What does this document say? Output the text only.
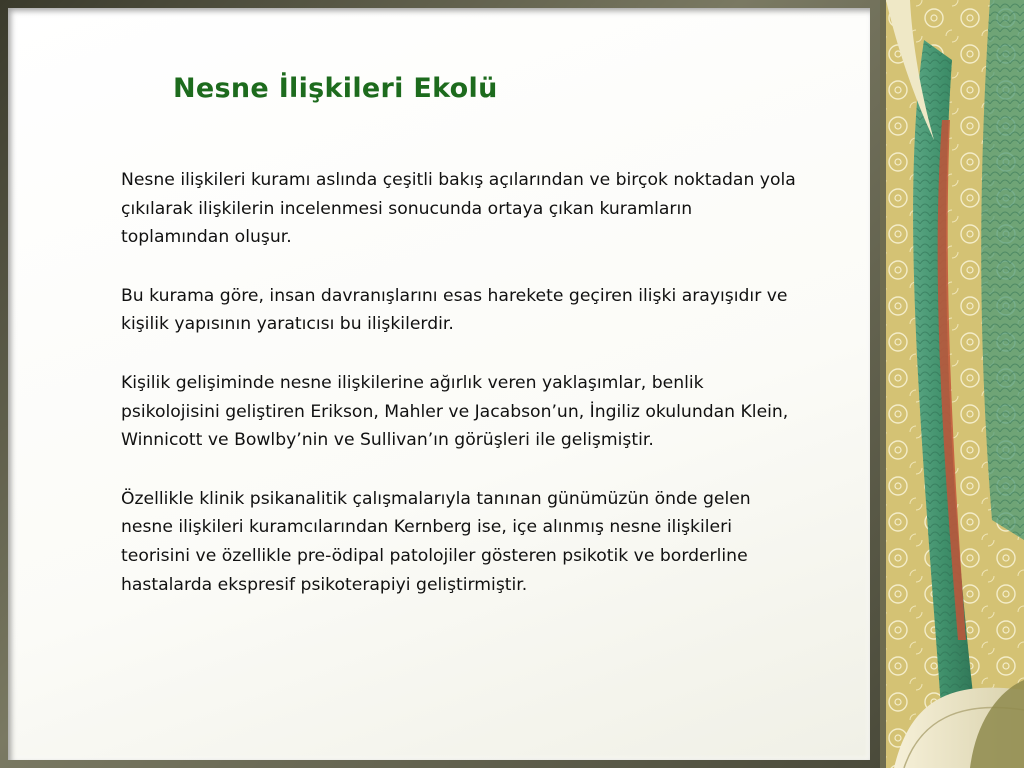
Nesne İlişkileri Ekolü

Nesne ilişkileri kuramı aslında çeşitli bakış açılarından ve birçok noktadan yola çıkılarak ilişkilerin incelenmesi sonucunda ortaya çıkan kuramların toplamından oluşur.

Bu kurama göre, insan davranışlarını esas harekete geçiren ilişki arayışıdır ve kişilik yapısının yaratıcısı bu ilişkilerdir.

Kişilik gelişiminde nesne ilişkilerine ağırlık veren yaklaşımlar, benlik psikolojisini geliştiren Erikson, Mahler ve Jacabson’un, İngiliz okulundan Klein, Winnicott ve Bowlby’nin ve Sullivan’ın görüşleri ile gelişmiştir.

Özellikle klinik psikanalitik çalışmalarıyla tanınan günümüzün önde gelen nesne ilişkileri kuramcılarından Kernberg ise, içe alınmış nesne ilişkileri teorisini ve özellikle pre-ödipal patolojiler gösteren psikotik ve borderline hastalarda ekspresif psikoterapiyi geliştirmiştir.
